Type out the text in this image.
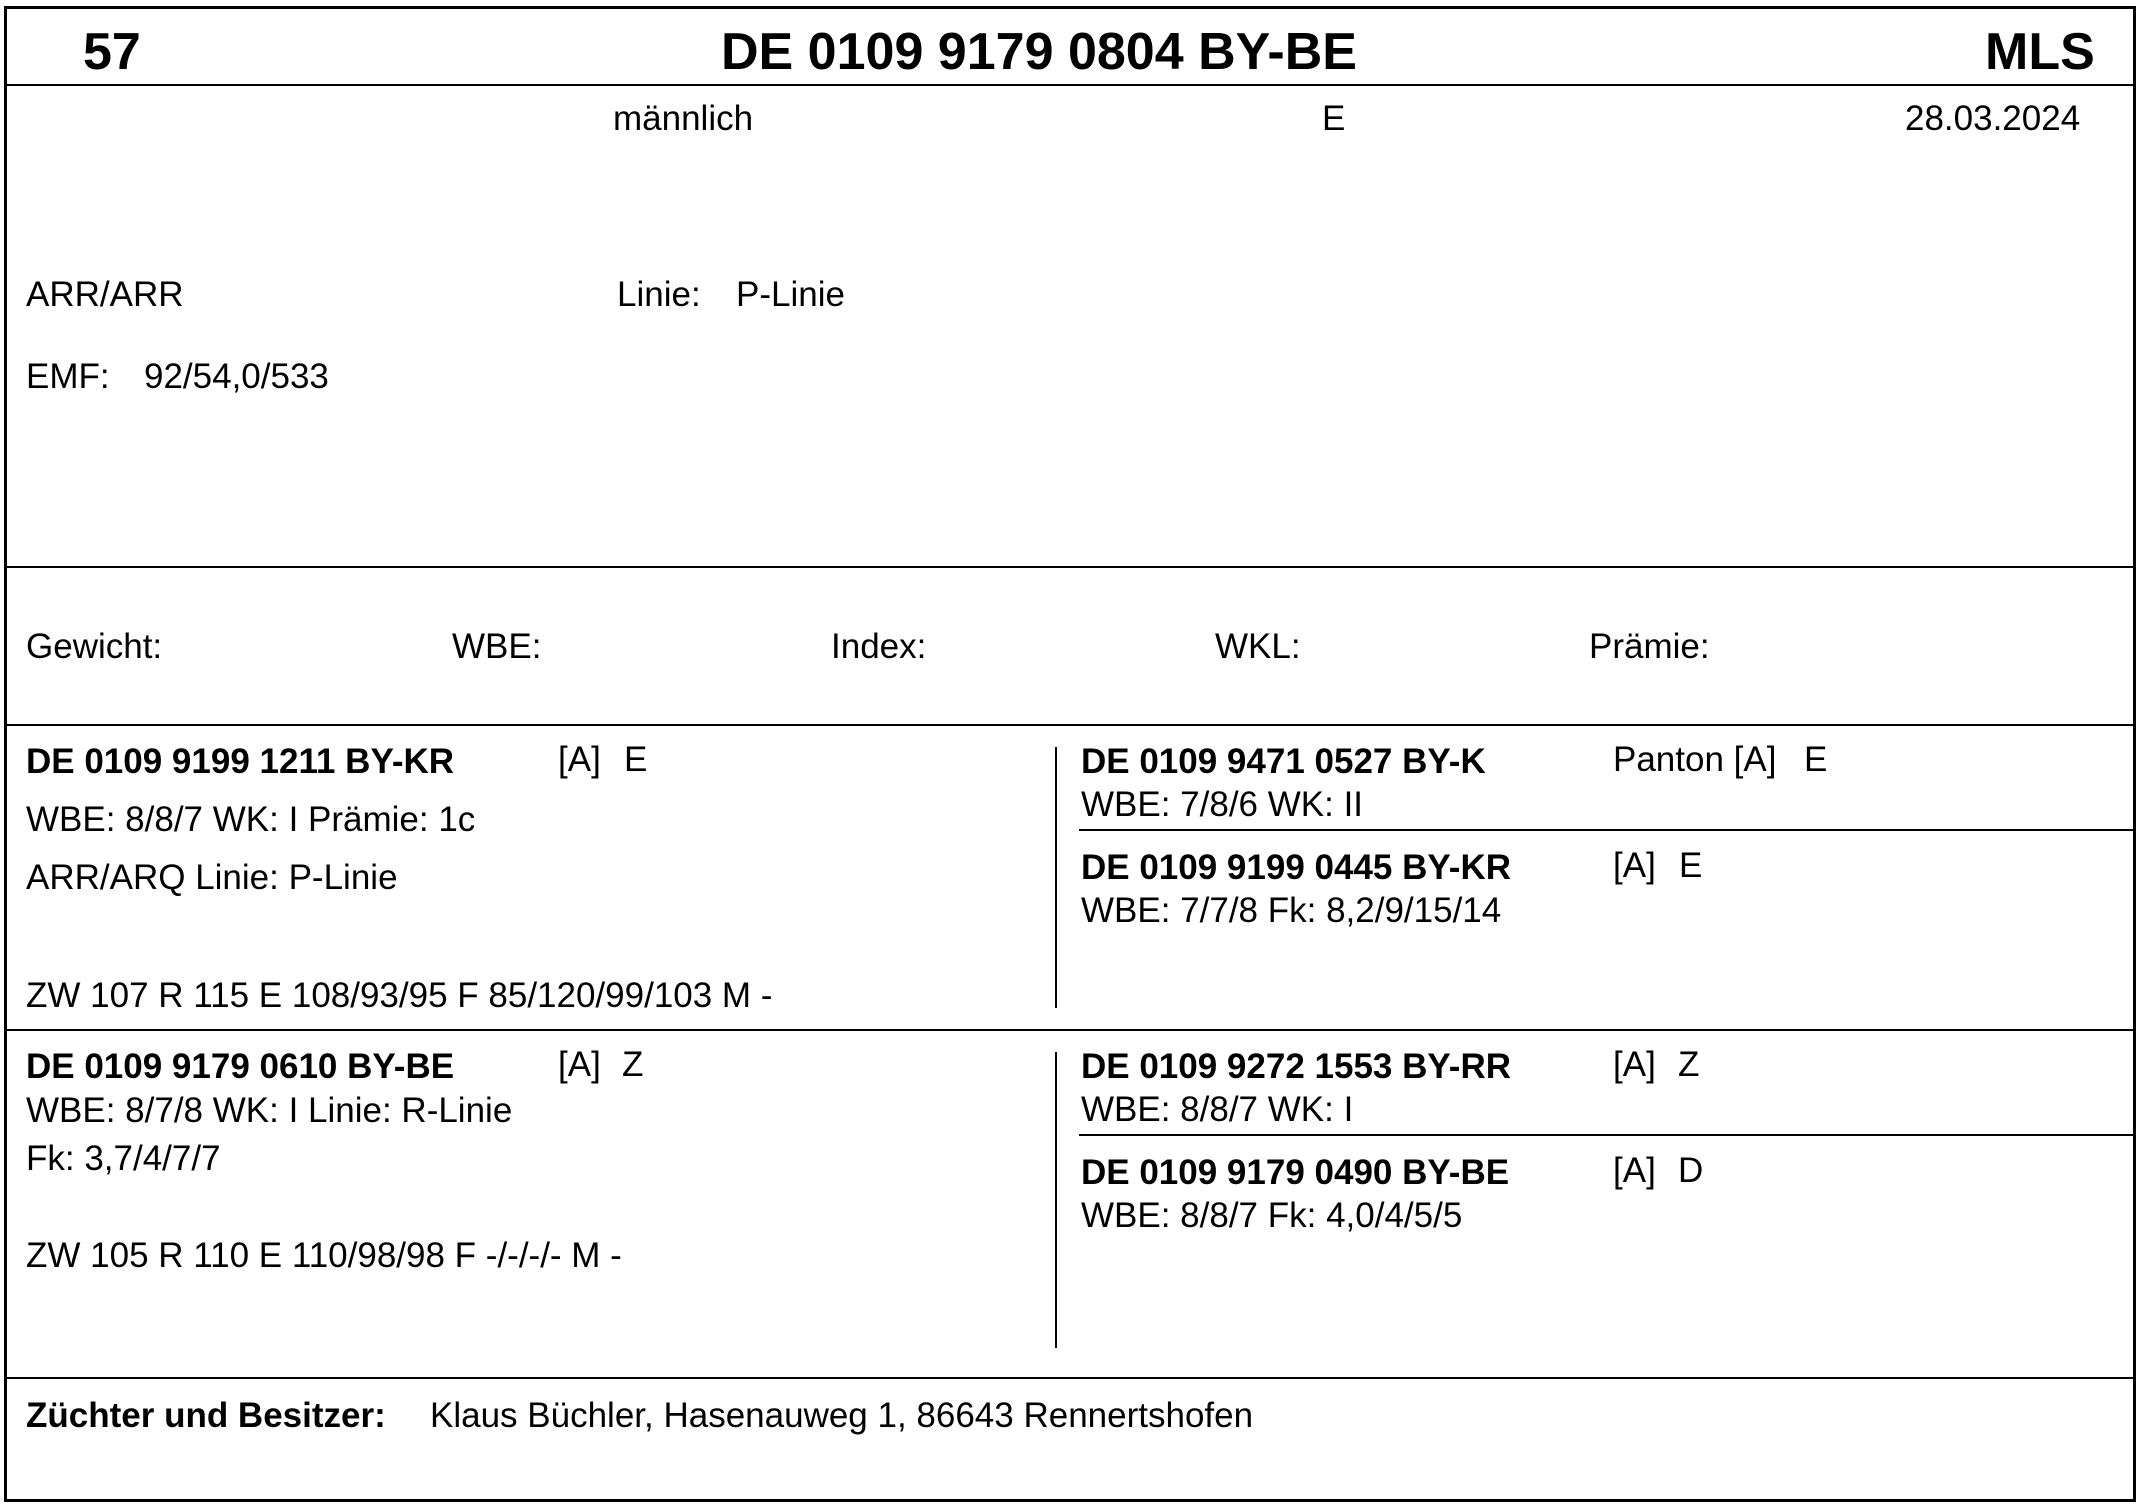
57	DE 0109 9179 0804 BY-BE	MLS
männlich	E	28.03.2024
ARR/ARR	Linie: P-Linie
EMF: 92/54,0/533
Gewicht:	WBE:	Index:	WKL:	Prämie:
DE 0109 9199 1211 BY-KR	[A] E
WBE: 8/8/7 WK: I Prämie: 1c
ARR/ARQ Linie: P-Linie
ZW 107 R 115 E 108/93/95 F 85/120/99/103 M -
DE 0109 9471 0527 BY-K	Panton [A] E
WBE: 7/8/6 WK: II
DE 0109 9199 0445 BY-KR	[A] E
WBE: 7/7/8 Fk: 8,2/9/15/14
DE 0109 9179 0610 BY-BE	[A] Z
WBE: 8/7/8 WK: I Linie: R-Linie
Fk: 3,7/4/7/7
ZW 105 R 110 E 110/98/98 F -/-/-/- M -
DE 0109 9272 1553 BY-RR	[A] Z
WBE: 8/8/7 WK: I
DE 0109 9179 0490 BY-BE	[A] D
WBE: 8/8/7 Fk: 4,0/4/5/5
Züchter und Besitzer: Klaus Büchler, Hasenauweg 1, 86643 Rennertshofen
